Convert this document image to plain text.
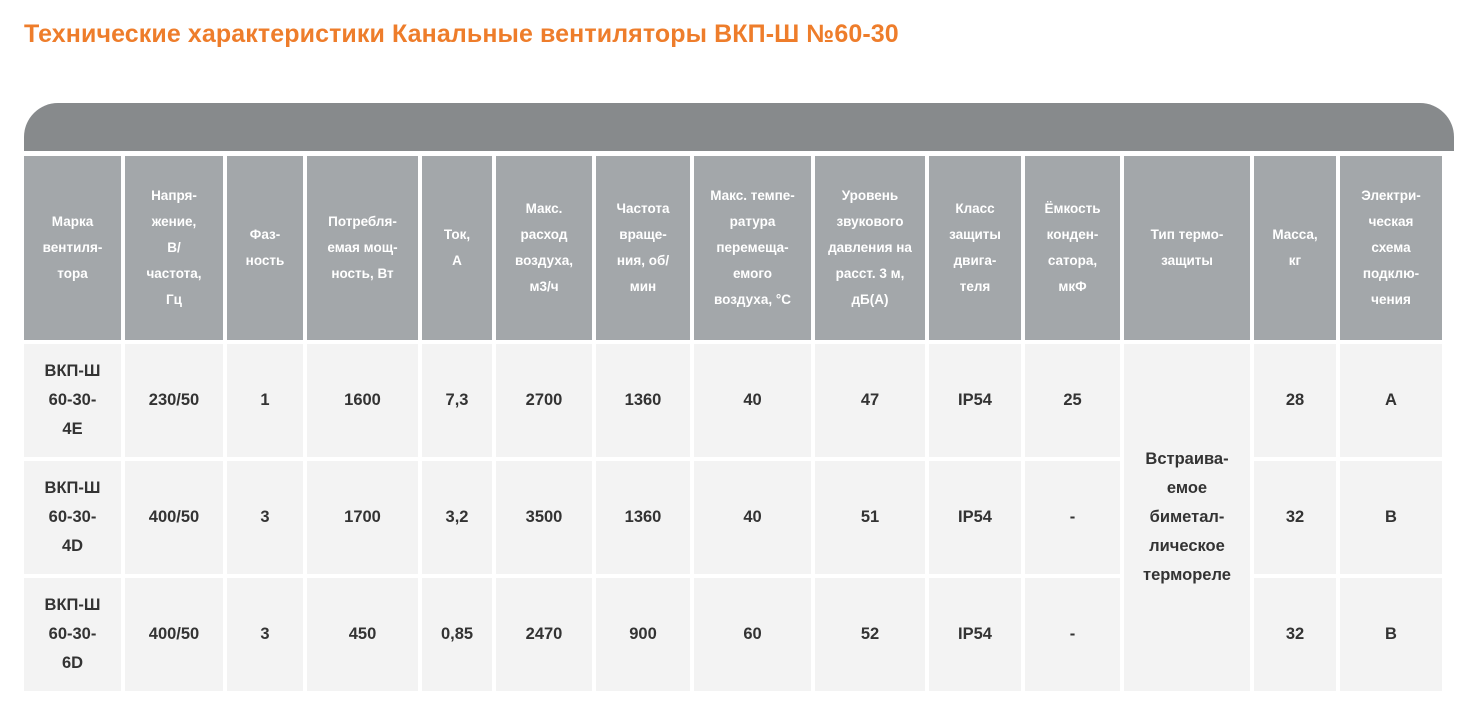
Технические характеристики Канальные вентиляторы ВКП-Ш №60-30
Марка вентиля-тора	Напря-жение, В/ частота, Гц	Фаз-ность	Потребля-емая мощ-ность, Вт	Ток, А	Макс. расход воздуха, м3/ч	Частота враще-ния, об/ мин	Макс. темпе-ратура перемеща-емого воздуха, °С	Уровень звукового давления на расст. 3 м, дБ(А)	Класс защиты двига-теля	Ёмкость конден-сатора, мкФ	Тип термо-защиты	Масса, кг	Электри-ческая схема подклю-чения
ВКП-Ш 60-30-4E	230/50	1	1600	7,3	2700	1360	40	47	IP54	25	Встраива-емое биметал-лическое термореле	28	A
ВКП-Ш 60-30-4D	400/50	3	1700	3,2	3500	1360	40	51	IP54	-		32	B
ВКП-Ш 60-30-6D	400/50	3	450	0,85	2470	900	60	52	IP54	-		32	B
